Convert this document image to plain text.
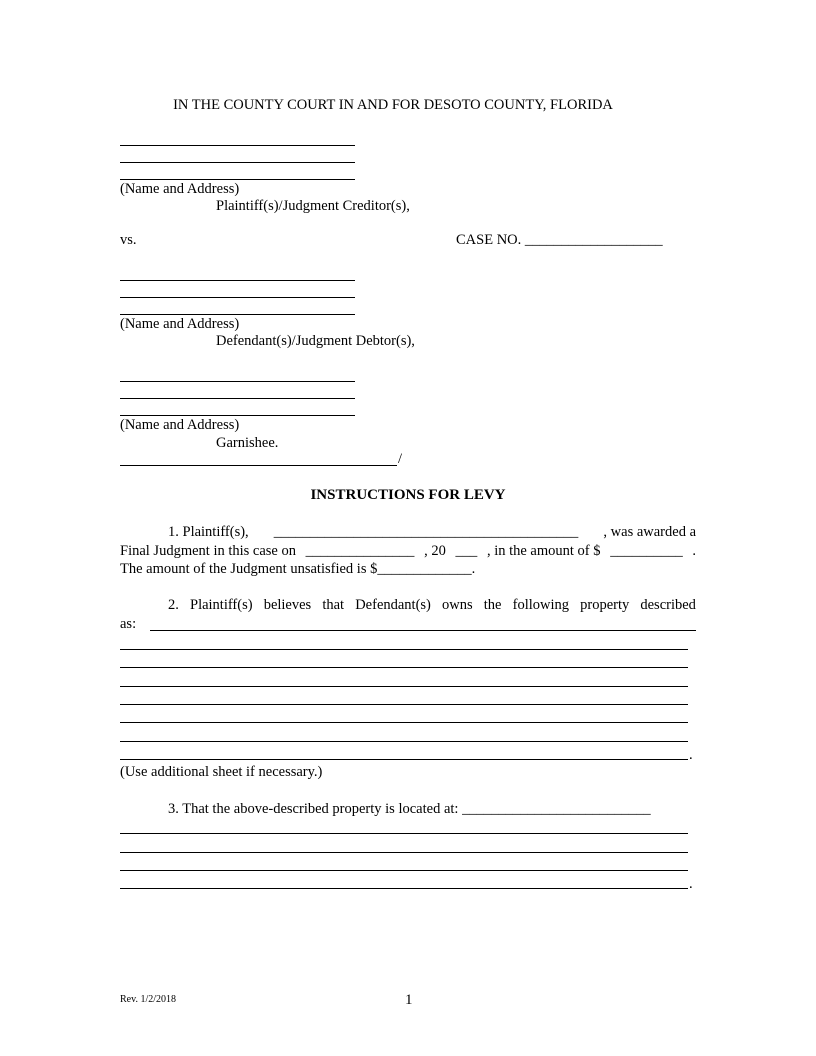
IN THE COUNTY COURT IN AND FOR DESOTO COUNTY, FLORIDA
(Name and Address)
Plaintiff(s)/Judgment Creditor(s),
vs.	CASE NO. ___________________
(Name and Address)
Defendant(s)/Judgment Debtor(s),
(Name and Address)
Garnishee.
/
INSTRUCTIONS FOR LEVY
1. Plaintiff(s), __________________________________________ , was awarded a
Final Judgment in this case on _______________ , 20 ___ , in the amount of $ __________ .
The amount of the Judgment unsatisfied is $_____________.
2. Plaintiff(s) believes that Defendant(s) owns the following property described
as:
.
(Use additional sheet if necessary.)
3. That the above-described property is located at: __________________________
.
Rev. 1/2/2018	1
